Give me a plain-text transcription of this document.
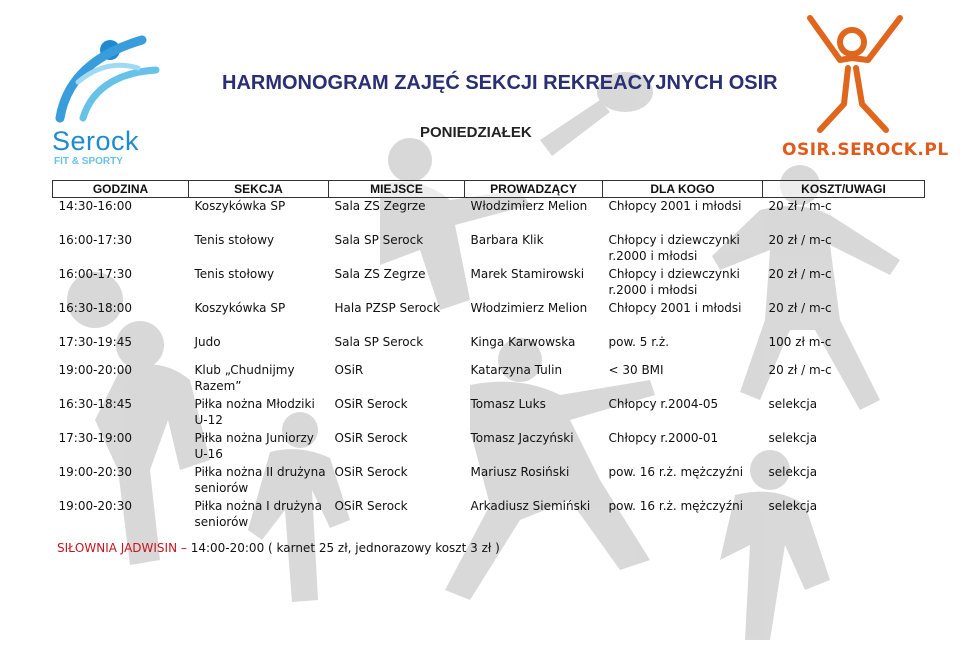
Serock
FIT & SPORTY
OSIR.SEROCK.PL
HARMONOGRAM ZAJĘĆ SEKCJI REKREACYJNYCH OSIR
PONIEDZIAŁEK
GODZINA	SEKCJA	MIEJSCE	PROWADZĄCY	DLA KOGO	KOSZT/UWAGI
14:30-16:00	Koszykówka SP	Sala ZS Zegrze	Włodzimierz Melion	Chłopcy 2001 i młodsi	20 zł / m-c
16:00-17:30	Tenis stołowy	Sala SP Serock	Barbara Klik	Chłopcy i dziewczynki r.2000 i młodsi	20 zł / m-c
16:00-17:30	Tenis stołowy	Sala ZS Zegrze	Marek Stamirowski	Chłopcy i dziewczynki r.2000 i młodsi	20 zł / m-c
16:30-18:00	Koszykówka SP	Hala PZSP Serock	Włodzimierz Melion	Chłopcy 2001 i młodsi	20 zł / m-c
17:30-19:45	Judo	Sala SP Serock	Kinga Karwowska	pow. 5 r.ż.	100 zł m-c

19:00-20:00	Klub „Chudnijmy Razem”	OSiR	Katarzyna Tulin	< 30 BMI	20 zł / m-c
16:30-18:45	Piłka nożna Młodziki U-12	OSiR Serock	Tomasz Luks	Chłopcy r.2004-05	selekcja
17:30-19:00	Piłka nożna Juniorzy U-16	OSiR Serock	Tomasz Jaczyński	Chłopcy r.2000-01	selekcja
19:00-20:30	Piłka nożna II drużyna seniorów	OSiR Serock	Mariusz Rosiński	pow. 16 r.ż. mężczyźni	selekcja
19:00-20:30	Piłka nożna I drużyna seniorów	OSiR Serock	Arkadiusz Siemiński	pow. 16 r.ż. mężczyźni	selekcja
SIŁOWNIA JADWISIN – 14:00-20:00 ( karnet 25 zł, jednorazowy koszt 3 zł )
